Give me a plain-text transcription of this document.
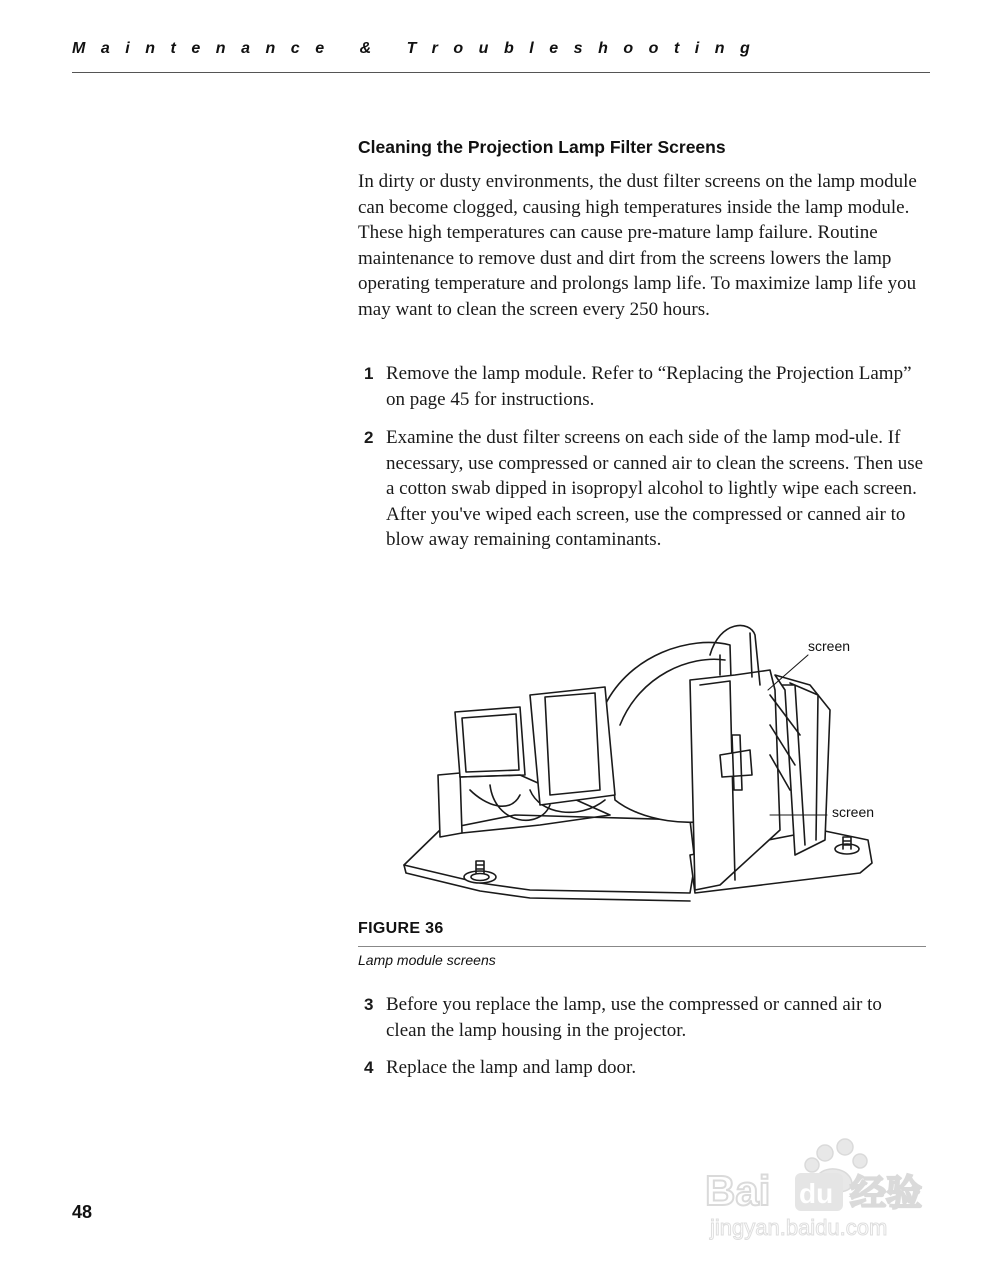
Maintenance & Troubleshooting
Cleaning the Projection Lamp Filter Screens

In dirty or dusty environments, the dust filter screens on the lamp module can become clogged, causing high temperatures inside the lamp module. These high temperatures can cause pre-mature lamp failure. Routine maintenance to remove dust and dirt from the screens lowers the lamp operating temperature and prolongs lamp life. To maximize lamp life you may want to clean the screen every 250 hours.

1 Remove the lamp module. Refer to “Replacing the Projection Lamp” on page 45 for instructions.
2 Examine the dust filter screens on each side of the lamp mod-ule. If necessary, use compressed or canned air to clean the screens. Then use a cotton swab dipped in isopropyl alcohol to lightly wipe each screen. After you've wiped each screen, use the compressed or canned air to blow away remaining contaminants.
screen
screen
FIGURE 36
Lamp module screens
3 Before you replace the lamp, use the compressed or canned air to clean the lamp housing in the projector.
4 Replace the lamp and lamp door.
48	Bai du 经验
jingyan.baidu.com
